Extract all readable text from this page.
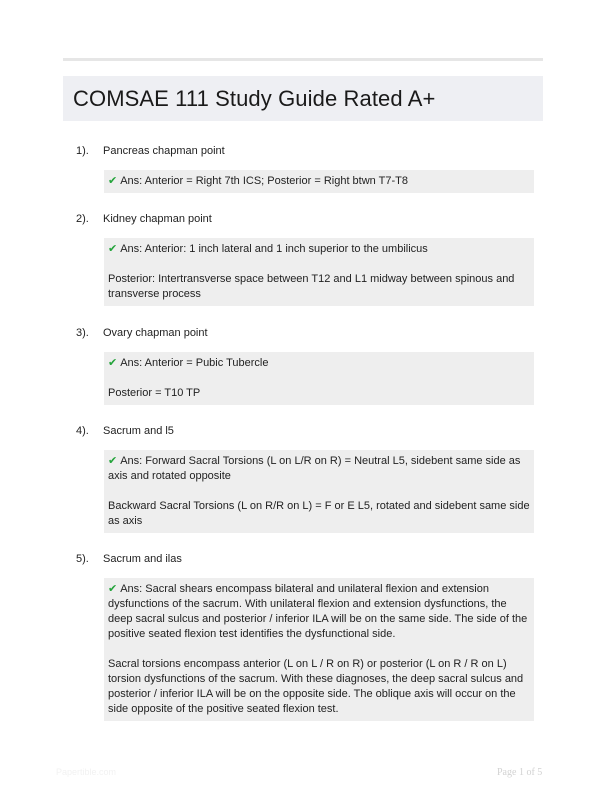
COMSAE 111 Study Guide Rated A+
1). Pancreas chapman point

✔ Ans: Anterior = Right 7th ICS; Posterior = Right btwn T7-T8

2). Kidney chapman point

✔ Ans: Anterior: 1 inch lateral and 1 inch superior to the umbilicus

Posterior: Intertransverse space between T12 and L1 midway between spinous and transverse process

3). Ovary chapman point

✔ Ans: Anterior = Pubic Tubercle

Posterior = T10 TP

4). Sacrum and l5

✔ Ans: Forward Sacral Torsions (L on L/R on R) = Neutral L5, sidebent same side as axis and rotated opposite

Backward Sacral Torsions (L on R/R on L) = F or E L5, rotated and sidebent same side as axis

5). Sacrum and ilas

✔ Ans: Sacral shears encompass bilateral and unilateral flexion and extension dysfunctions of the sacrum. With unilateral flexion and extension dysfunctions, the deep sacral sulcus and posterior / inferior ILA will be on the same side. The side of the positive seated flexion test identifies the dysfunctional side.

Sacral torsions encompass anterior (L on L / R on R) or posterior (L on R / R on L) torsion dysfunctions of the sacrum. With these diagnoses, the deep sacral sulcus and posterior / inferior ILA will be on the opposite side. The oblique axis will occur on the side opposite of the positive seated flexion test.

Papertible.com	Page 1 of 5
